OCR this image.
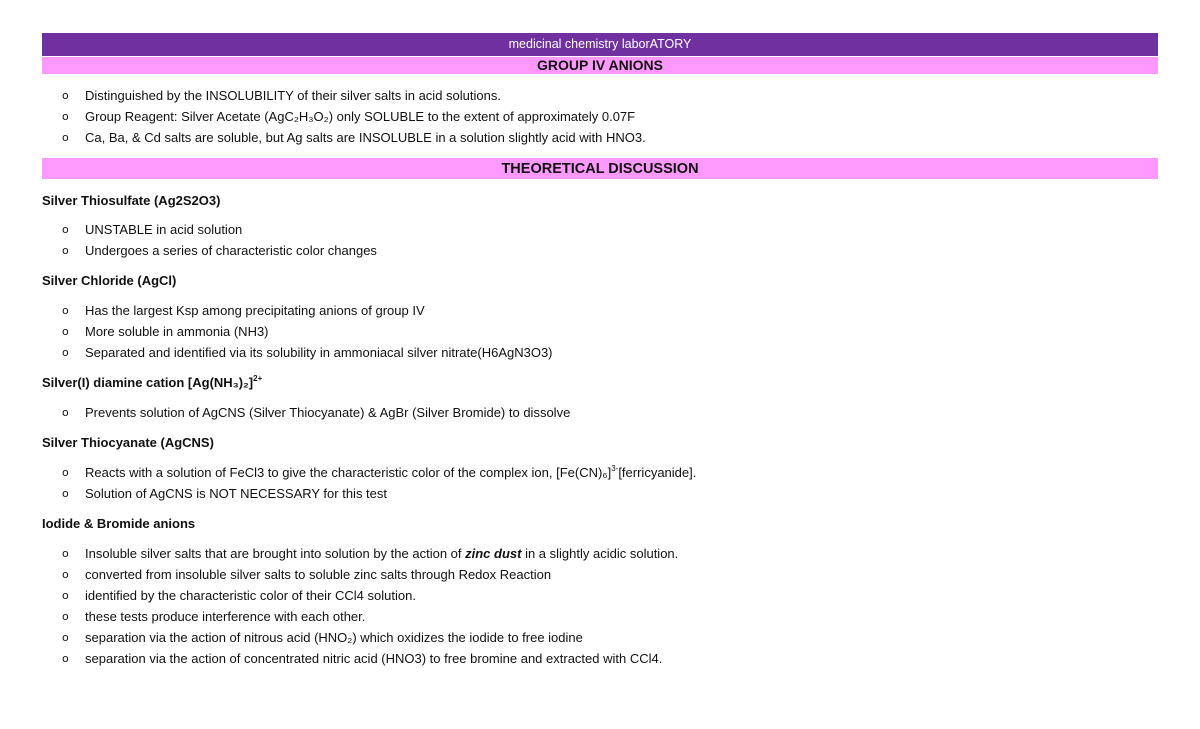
medicinal chemistry laborATORY
GROUP IV ANIONS
o Distinguished by the INSOLUBILITY of their silver salts in acid solutions.
o Group Reagent: Silver Acetate (AgC₂H₃O₂) only SOLUBLE to the extent of approximately 0.07F
o Ca, Ba, & Cd salts are soluble, but Ag salts are INSOLUBLE in a solution slightly acid with HNO3.
THEORETICAL DISCUSSION
Silver Thiosulfate (Ag2S2O3)
o UNSTABLE in acid solution
o Undergoes a series of characteristic color changes
Silver Chloride (AgCl)
o Has the largest Ksp among precipitating anions of group IV
o More soluble in ammonia (NH3)
o Separated and identified via its solubility in ammoniacal silver nitrate(H6AgN3O3)
Silver(I) diamine cation $[Ag(NH_3)_2]^{2+}$
o Prevents solution of AgCNS (Silver Thiocyanate) & AgBr (Silver Bromide) to dissolve
Silver Thiocyanate (AgCNS)
o Reacts with a solution of FeCl3 to give the characteristic color of the complex ion, $[Fe(CN)_6]^{3-}[ferricyanide]$.
o Solution of AgCNS is NOT NECESSARY for this test
Iodide & Bromide anions
o Insoluble silver salts that are brought into solution by the action of zinc dust in a slightly acidic solution.
o converted from insoluble silver salts to soluble zinc salts through Redox Reaction
o identified by the characteristic color of their CCl4 solution.
o these tests produce interference with each other.
o separation via the action of nitrous acid (HNO₂) which oxidizes the iodide to free iodine
o separation via the action of concentrated nitric acid (HNO3) to free bromine and extracted with CCl4.
